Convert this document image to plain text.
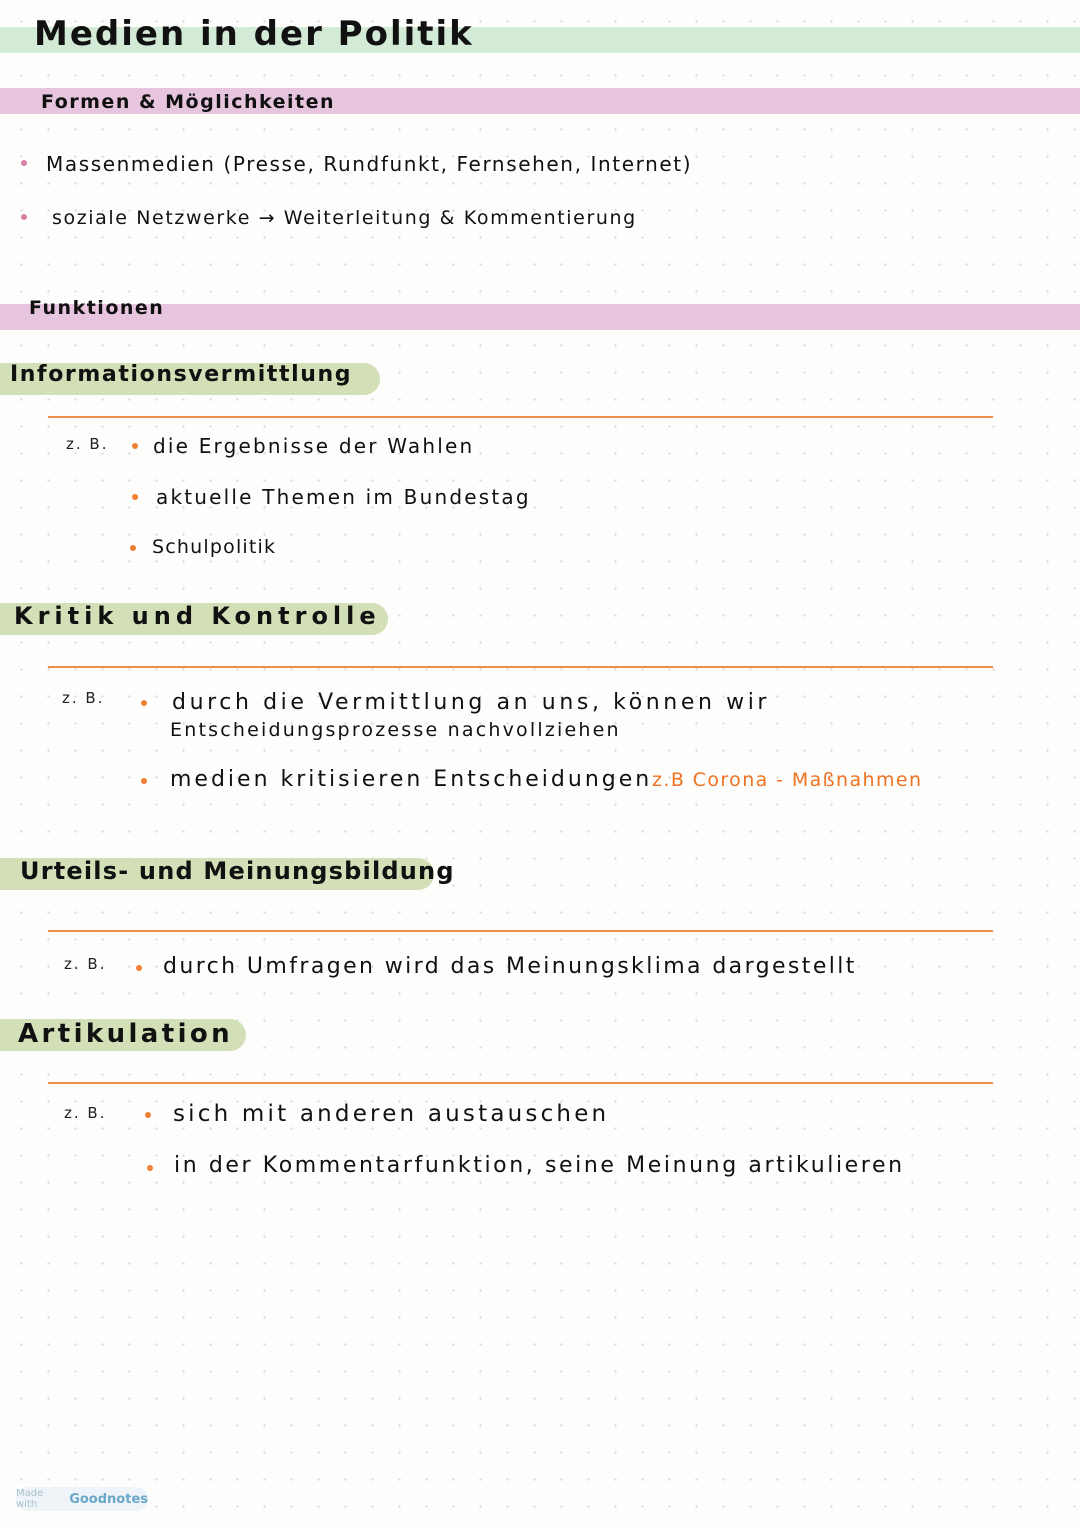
Medien in der Politik
Formen & Möglichkeiten
Massenmedien (Presse, Rundfunkt, Fernsehen, Internet)
soziale Netzwerke → Weiterleitung & Kommentierung
Funktionen
Informationsvermittlung
z. B. die Ergebnisse der Wahlen
aktuelle Themen im Bundestag
Schulpolitik
Kritik und Kontrolle
z. B.	durch die Vermittlung an uns, können wir
Entscheidungsprozesse nachvollziehen
medien kritisieren Entscheidungen z.B Corona - Maßnahmen
Urteils- und Meinungsbildung
z. B.	durch Umfragen wird das Meinungsklima dargestellt
Artikulation
z. B.	sich mit anderen austauschen
in der Kommentarfunktion, seine Meinung artikulieren
Made with	Goodnotes
